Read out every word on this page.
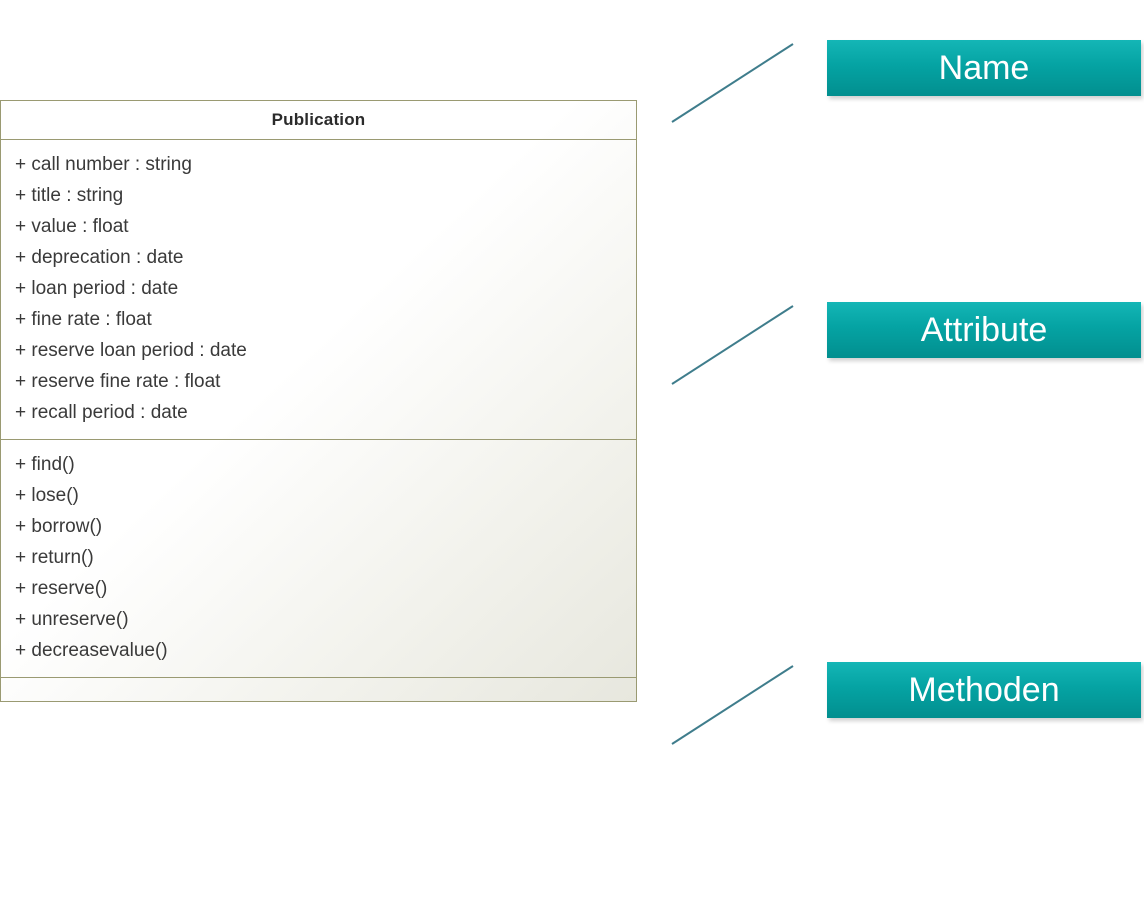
Publication
+ call number : string
+ title : string
+ value : float
+ deprecation : date
+ loan period : date
+ fine rate : float
+ reserve loan period : date
+ reserve fine rate : float
+ recall period : date
+ find()
+ lose()
+ borrow()
+ return()
+ reserve()
+ unreserve()
+ decreasevalue()
Name
Attribute
Methoden
